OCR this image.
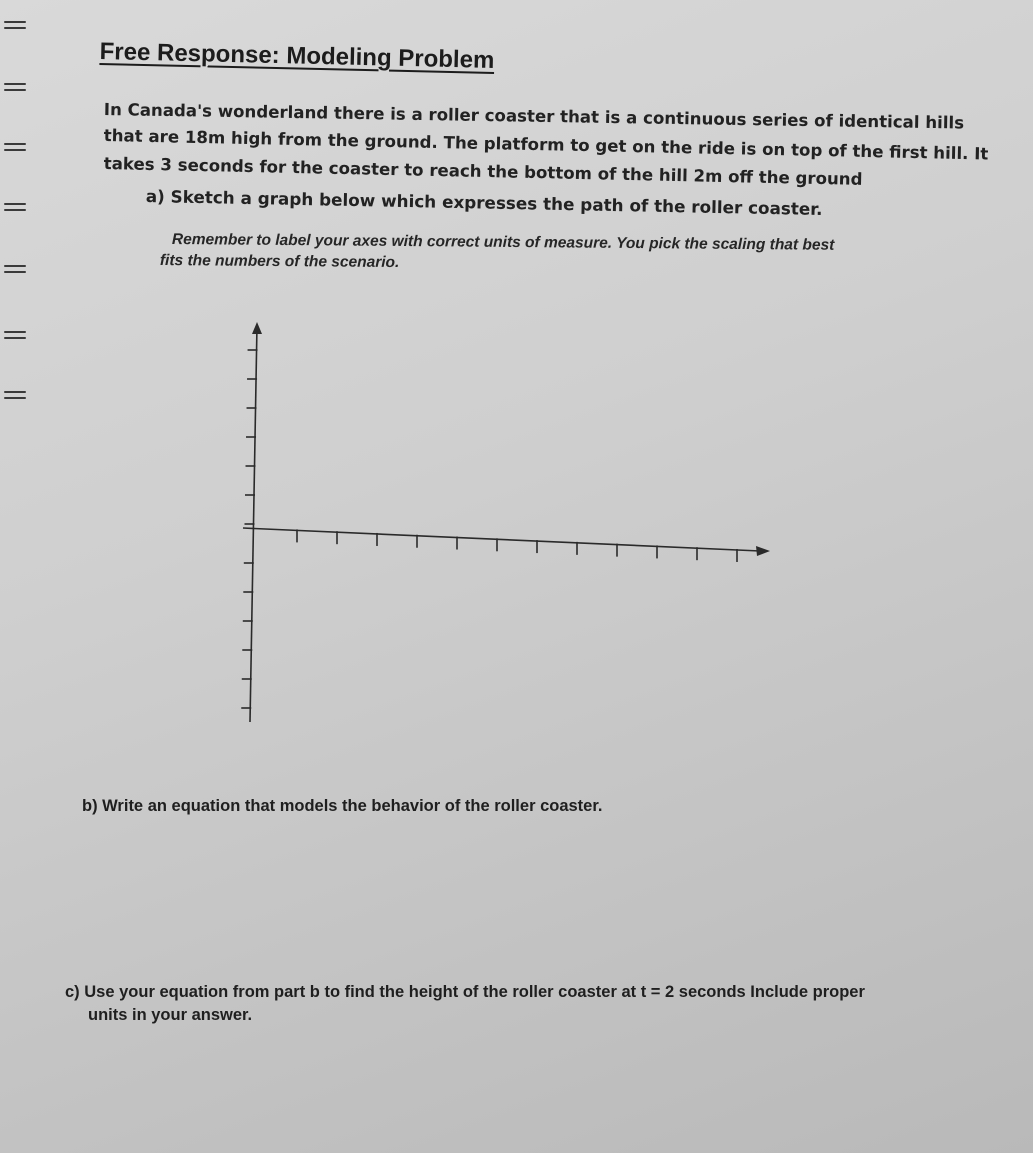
Free Response: Modeling Problem
In Canada's wonderland there is a roller coaster that is a continuous series of identical hills
that are 18m high from the ground. The platform to get on the ride is on top of the first hill. It
takes 3 seconds for the coaster to reach the bottom of the hill 2m off the ground
a) Sketch a graph below which expresses the path of the roller coaster.
Remember to label your axes with correct units of measure. You pick the scaling that best
fits the numbers of the scenario.
b) Write an equation that models the behavior of the roller coaster.
c) Use your equation from part b to find the height of the roller coaster at t = 2 seconds Include proper
units in your answer.
